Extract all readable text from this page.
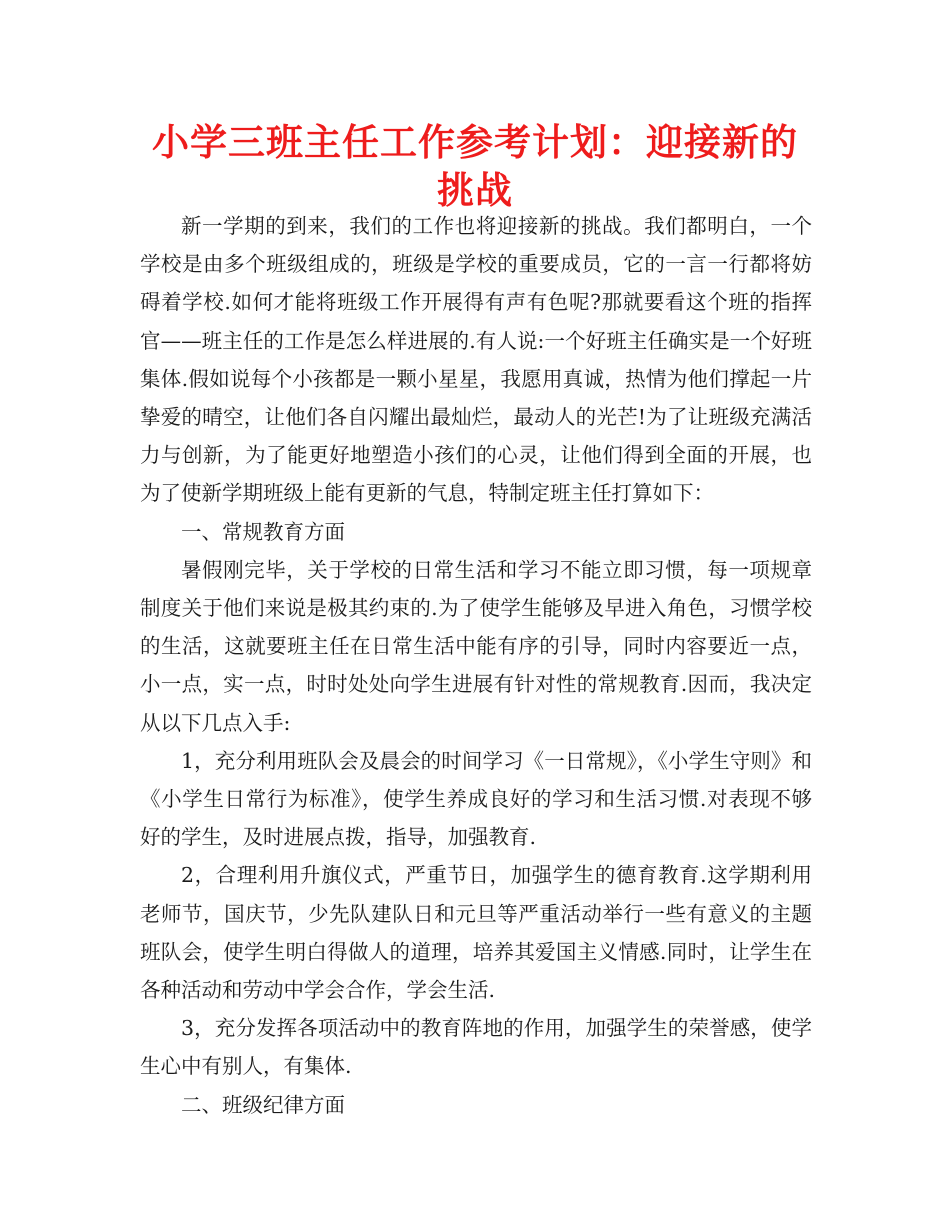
小学三班主任工作参考计划：迎接新的挑战

新一学期的到来，我们的工作也将迎接新的挑战。我们都明白，一个学校是由多个班级组成的，班级是学校的重要成员，它的一言一行都将妨碍着学校.如何才能将班级工作开展得有声有色呢?那就要看这个班的指挥官——班主任的工作是怎么样进展的.有人说:一个好班主任确实是一个好班集体.假如说每个小孩都是一颗小星星，我愿用真诚，热情为他们撑起一片挚爱的晴空，让他们各自闪耀出最灿烂，最动人的光芒!为了让班级充满活力与创新，为了能更好地塑造小孩们的心灵，让他们得到全面的开展，也为了使新学期班级上能有更新的气息，特制定班主任打算如下：

一、常规教育方面

暑假刚完毕，关于学校的日常生活和学习不能立即习惯，每一项规章制度关于他们来说是极其约束的.为了使学生能够及早进入角色，习惯学校的生活，这就要班主任在日常生活中能有序的引导，同时内容要近一点，小一点，实一点，时时处处向学生进展有针对性的常规教育.因而，我决定从以下几点入手:

1，充分利用班队会及晨会的时间学习《一日常规》，《小学生守则》和《小学生日常行为标准》，使学生养成良好的学习和生活习惯.对表现不够好的学生，及时进展点拨，指导，加强教育.

2，合理利用升旗仪式，严重节日，加强学生的德育教育.这学期利用老师节，国庆节，少先队建队日和元旦等严重活动举行一些有意义的主题班队会，使学生明白得做人的道理，培养其爱国主义情感.同时，让学生在各种活动和劳动中学会合作，学会生活.

3，充分发挥各项活动中的教育阵地的作用，加强学生的荣誉感，使学生心中有别人，有集体.

二、班级纪律方面
